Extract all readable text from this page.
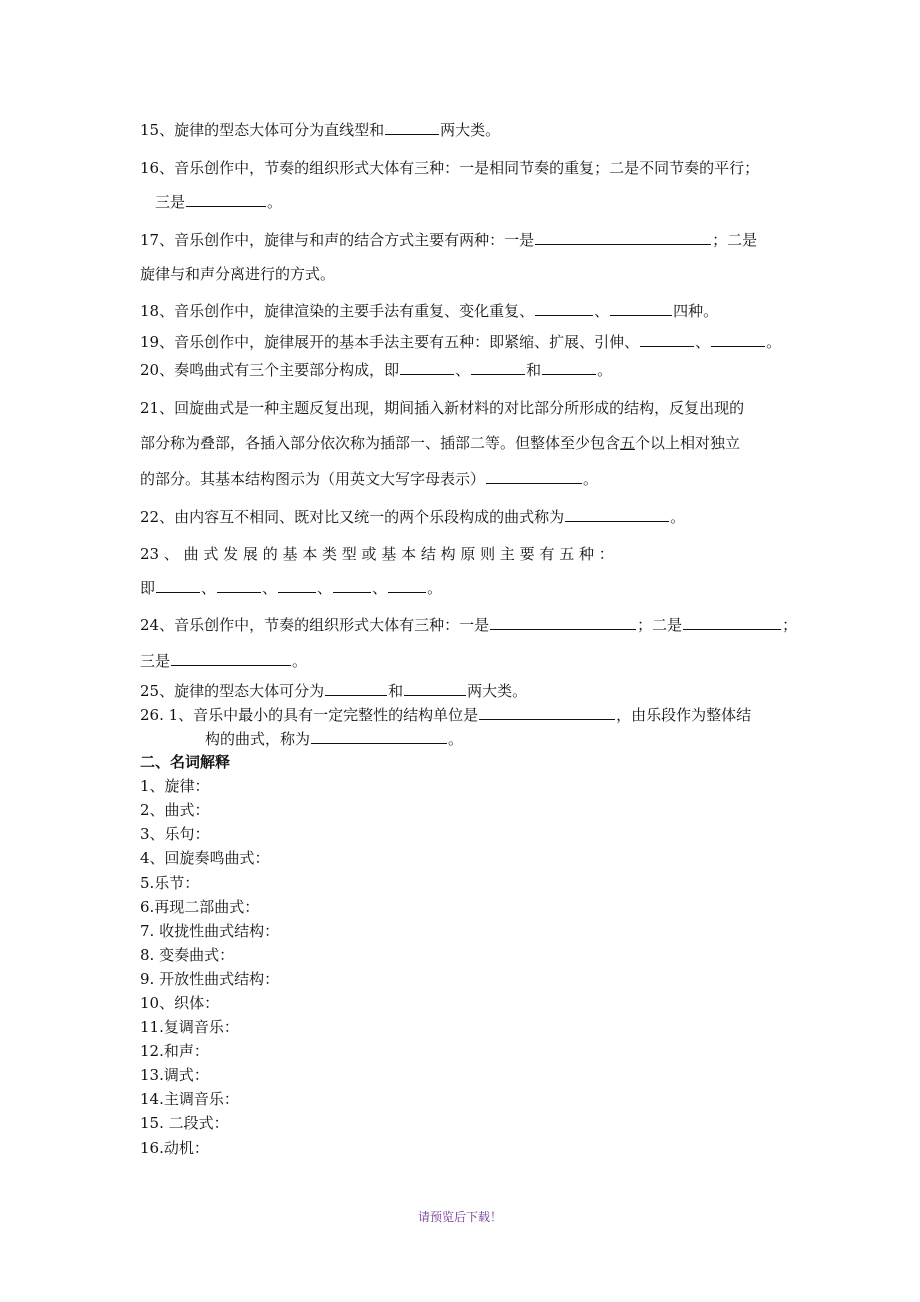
15、旋律的型态大体可分为直线型和	两大类。
16、音乐创作中，节奏的组织形式大体有三种：一是相同节奏的重复；二是不同节奏的平行；
三是	。
17、音乐创作中，旋律与和声的结合方式主要有两种：一是	；二是
旋律与和声分离进行的方式。
18、音乐创作中，旋律渲染的主要手法有重复、变化重复、	、	四种。
19、音乐创作中，旋律展开的基本手法主要有五种：即紧缩、扩展、引伸、	、	。
20、奏鸣曲式有三个主要部分构成，即	、	和	。
21、回旋曲式是一种主题反复出现，期间插入新材料的对比部分所形成的结构，反复出现的
部分称为叠部，各插入部分依次称为插部一、插部二等。但整体至少包含五个以上相对独立
的部分。其基本结构图示为（用英文大写字母表示）	。
22、由内容互不相同、既对比又统一的两个乐段构成的曲式称为	。
23 、 曲 式 发 展 的 基 本 类 型 或 基 本 结 构 原 则 主 要 有 五 种 ：
即	、	、	、	、	。
24、音乐创作中，节奏的组织形式大体有三种：一是	；二是	；
三是	。
25、旋律的型态大体可分为	和	两大类。
26. 1、音乐中最小的具有一定完整性的结构单位是	，由乐段作为整体结
构的曲式，称为	。
二、名词解释
1、旋律：
2、曲式：
3、乐句：
4、回旋奏鸣曲式：
5.乐节：
6.再现二部曲式：
7. 收拢性曲式结构：
8. 变奏曲式：
9. 开放性曲式结构：
10、织体：
11.复调音乐：
12.和声：
13.调式：
14.主调音乐：
15. 二段式：
16.动机：
请预览后下载！
